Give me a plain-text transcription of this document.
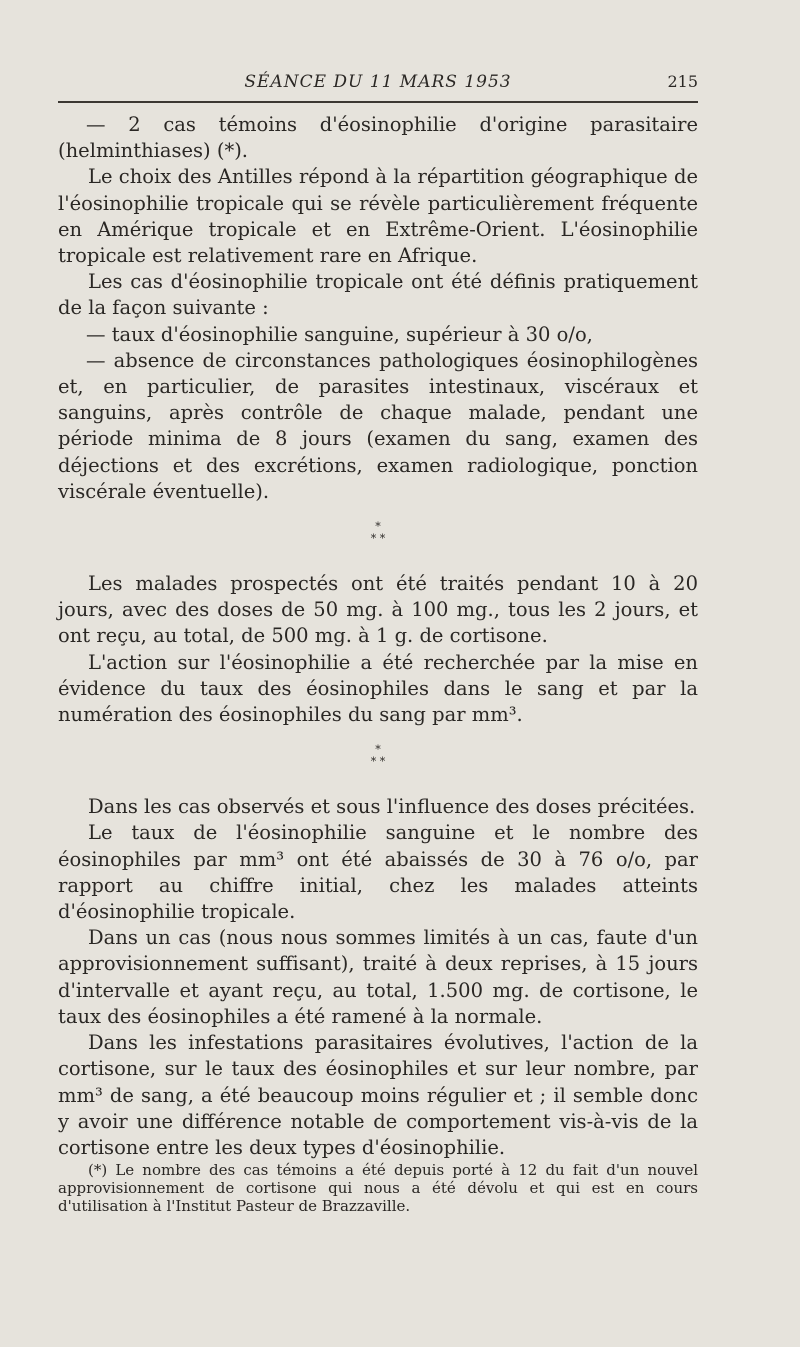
SÉANCE DU 11 MARS 1953	215

— 2 cas témoins d'éosinophilie d'origine parasitaire (helminthiases) (*).

Le choix des Antilles répond à la répartition géographique de l'éosinophilie tropicale qui se révèle particulièrement fréquente en Amérique tropicale et en Extrême-Orient. L'éosinophilie tropicale est relativement rare en Afrique.

Les cas d'éosinophilie tropicale ont été définis pratiquement de la façon suivante :

— taux d'éosinophilie sanguine, supérieur à 30 o/o,

— absence de circonstances pathologiques éosinophilogènes et, en particulier, de parasites intestinaux, viscéraux et sanguins, après contrôle de chaque malade, pendant une période minima de 8 jours (examen du sang, examen des déjections et des excrétions, examen radiologique, ponction viscérale éventuelle).

*
* *

Les malades prospectés ont été traités pendant 10 à 20 jours, avec des doses de 50 mg. à 100 mg., tous les 2 jours, et ont reçu, au total, de 500 mg. à 1 g. de cortisone.

L'action sur l'éosinophilie a été recherchée par la mise en évidence du taux des éosinophiles dans le sang et par la numération des éosinophiles du sang par mm³.

*
* *

Dans les cas observés et sous l'influence des doses précitées.

Le taux de l'éosinophilie sanguine et le nombre des éosinophiles par mm³ ont été abaissés de 30 à 76 o/o, par rapport au chiffre initial, chez les malades atteints d'éosinophilie tropicale.

Dans un cas (nous nous sommes limités à un cas, faute d'un approvisionnement suffisant), traité à deux reprises, à 15 jours d'intervalle et ayant reçu, au total, 1.500 mg. de cortisone, le taux des éosinophiles a été ramené à la normale.

Dans les infestations parasitaires évolutives, l'action de la cortisone, sur le taux des éosinophiles et sur leur nombre, par mm³ de sang, a été beaucoup moins régulier et ; il semble donc y avoir une différence notable de comportement vis-à-vis de la cortisone entre les deux types d'éosinophilie.

(*) Le nombre des cas témoins a été depuis porté à 12 du fait d'un nouvel approvisionnement de cortisone qui nous a été dévolu et qui est en cours d'utilisation à l'Institut Pasteur de Brazzaville.
